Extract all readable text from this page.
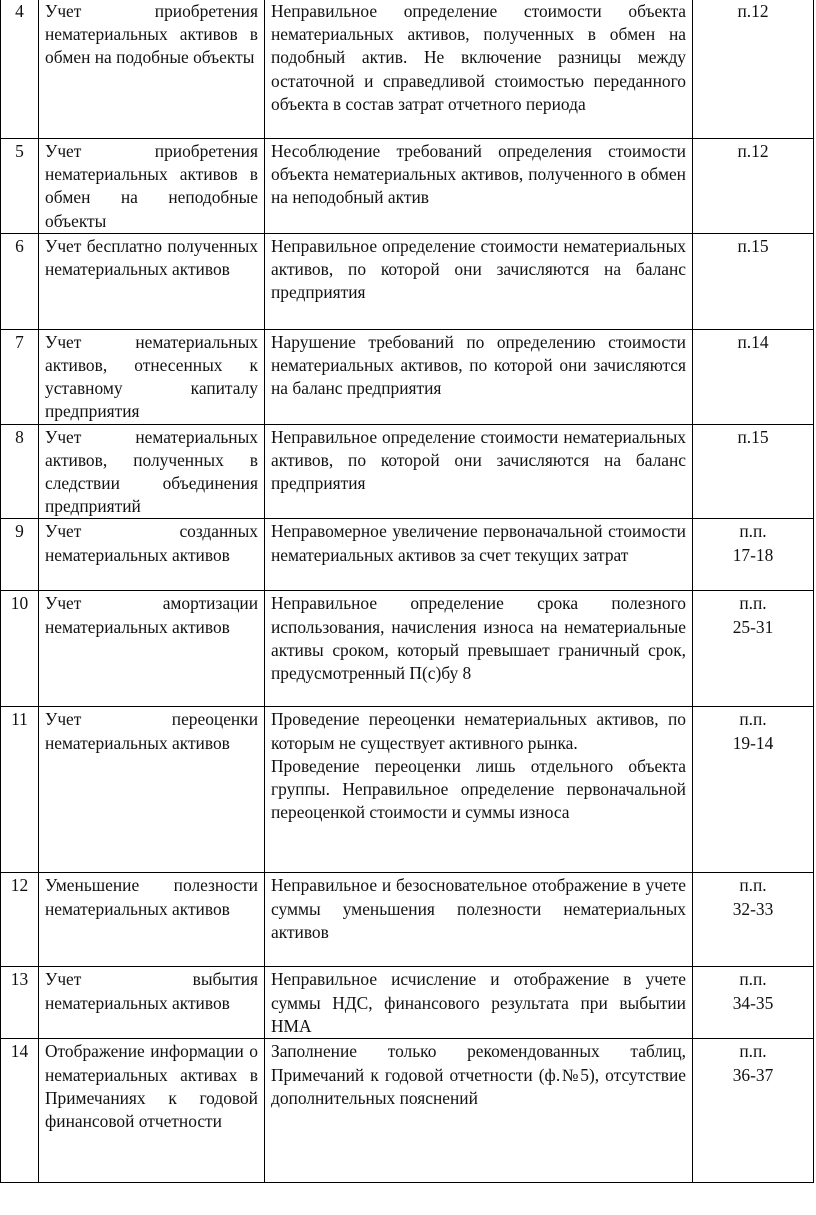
4	Учет приобретения нематериальных активов в обмен на подобные объекты	Неправильное определение стоимости объекта нематериальных активов, полученных в обмен на подобный актив. Не включение разницы между остаточной и справедливой стоимостью переданного объекта в состав затрат отчетного периода	п.12

5	Учет приобретения нематериальных активов в обмен на неподобные объекты	Несоблюдение требований определения стоимости объекта нематериальных активов, полученного в обмен на неподобный актив	п.12

6	Учет бесплатно полученных нематериальных активов	Неправильное определение стоимости нематериальных активов, по которой они зачисляются на баланс предприятия	п.15

7	Учет нематериальных активов, отнесенных к уставному капиталу предприятия	Нарушение требований по определению стоимости нематериальных активов, по которой они зачисляются на баланс предприятия	п.14

8	Учет нематериальных активов, полученных в следствии объединения предприятий	Неправильное определение стоимости нематериальных активов, по которой они зачисляются на баланс предприятия	п.15

9	Учет созданных нематериальных активов	Неправомерное увеличение первоначальной стоимости нематериальных активов за счет текущих затрат	п.п.
17-18

10	Учет амортизации нематериальных активов	Неправильное определение срока полезного использования, начисления износа на нематериальные активы сроком, который превышает граничный срок, предусмотренный П(с)бу 8	п.п.
25-31

11	Учет переоценки нематериальных активов	Проведение переоценки нематериальных активов, по которым не существует активного рынка.
Проведение переоценки лишь отдельного объекта группы. Неправильное определение первоначальной переоценкой стоимости и суммы износа	п.п.
19-14

12	Уменьшение полезности нематериальных активов	Неправильное и безосновательное отображение в учете суммы уменьшения полезности нематериальных активов	п.п.
32-33

13	Учет выбытия нематериальных активов	Неправильное исчисление и отображение в учете суммы НДС, финансового результата при выбытии НМА	п.п.
34-35

14	Отображение информации о нематериальных активах в Примечаниях к годовой финансовой отчетности	Заполнение только рекомендованных таблиц, Примечаний к годовой отчетности (ф.№5), отсутствие дополнительных пояснений	п.п.
36-37
